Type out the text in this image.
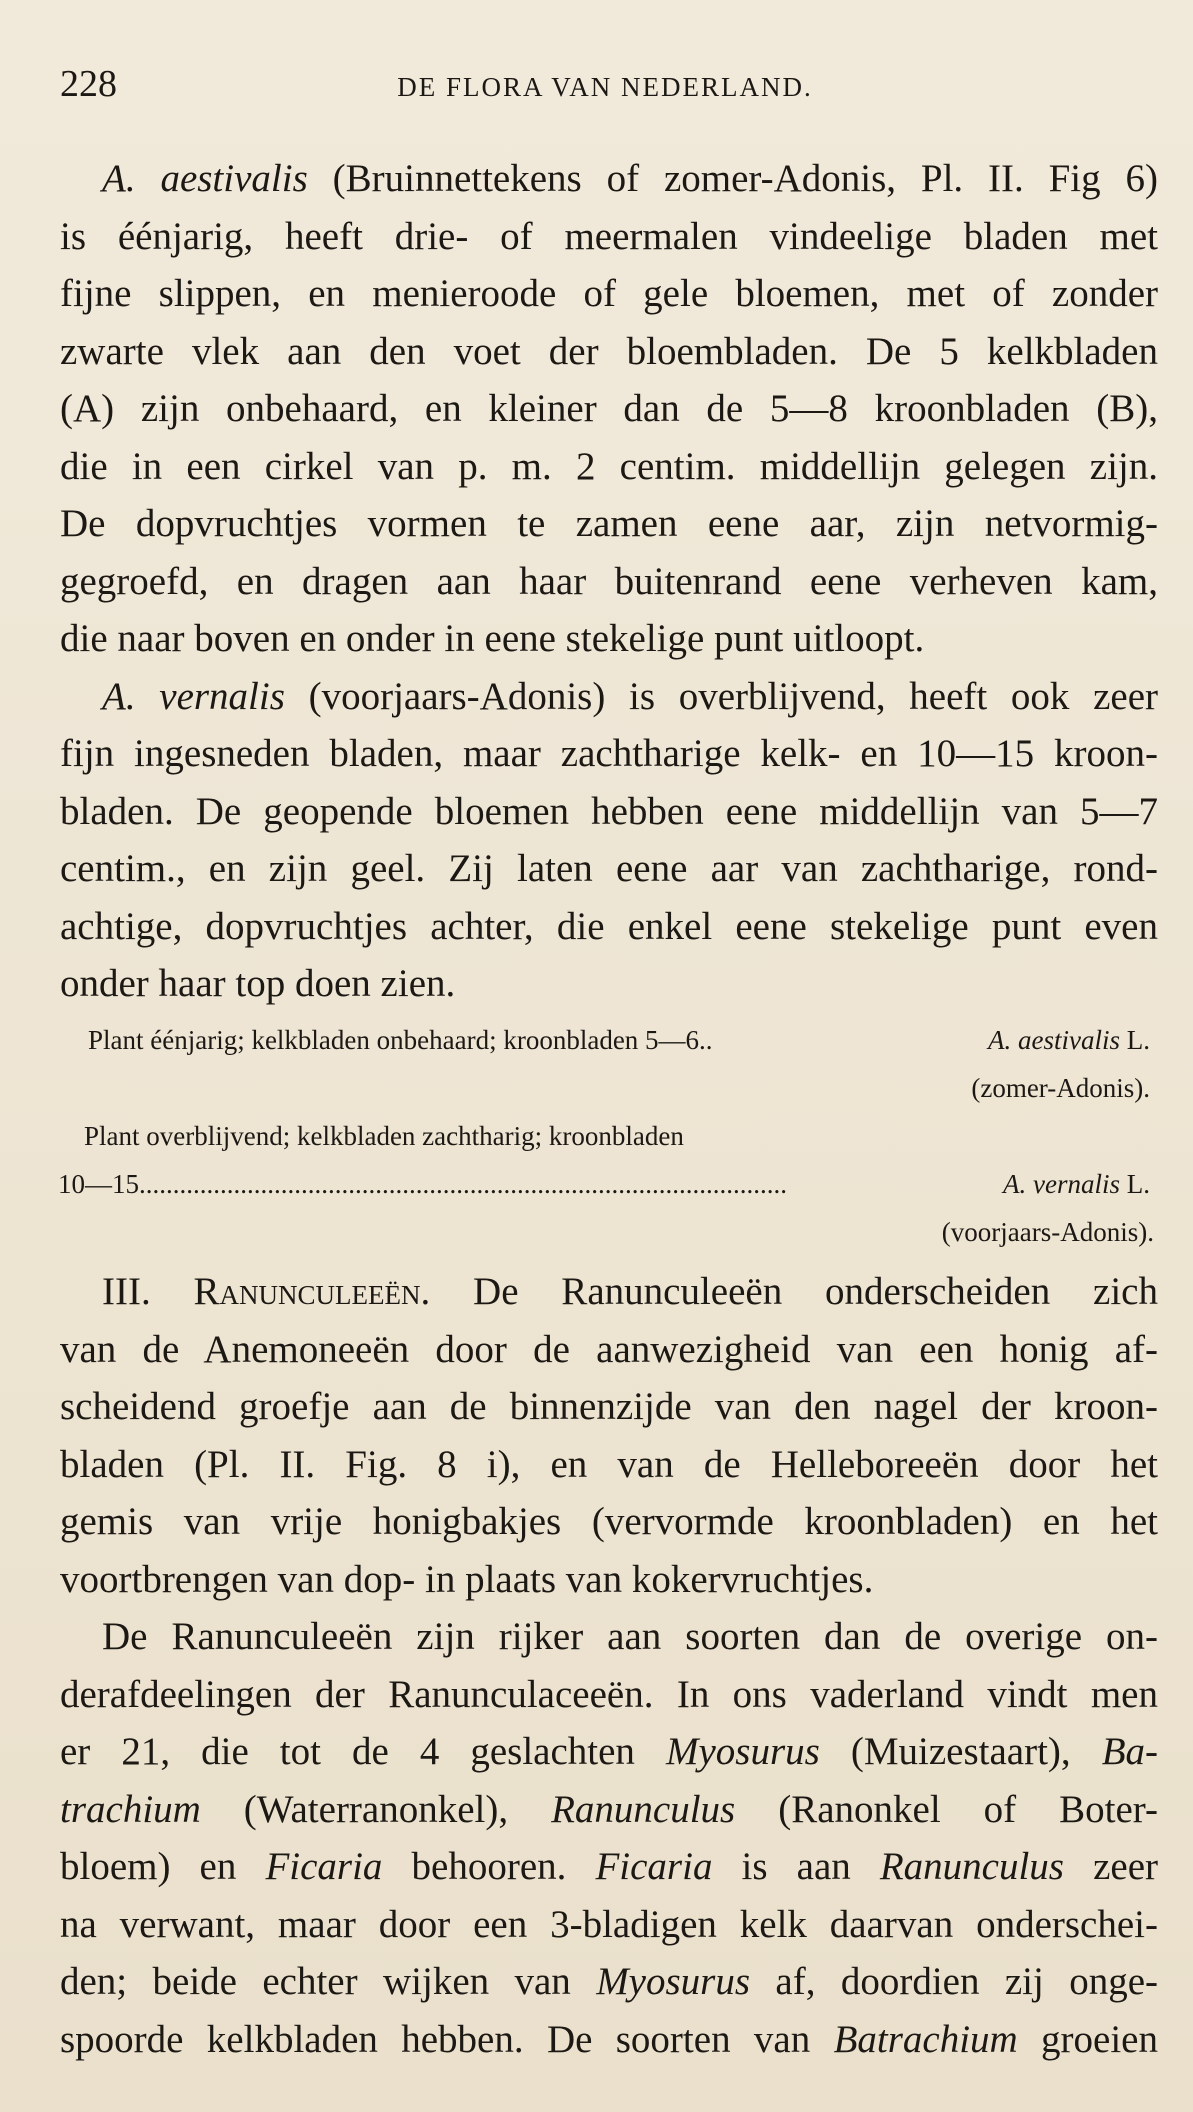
228	DE FLORA VAN NEDERLAND.
A. aestivalis (Bruinnettekens of zomer-Adonis, Pl. II. Fig 6)
is éénjarig, heeft drie- of meermalen vindeelige bladen met
fijne slippen, en menieroode of gele bloemen, met of zonder
zwarte vlek aan den voet der bloembladen. De 5 kelkbladen
(A) zijn onbehaard, en kleiner dan de 5—8 kroonbladen (B),
die in een cirkel van p. m. 2 centim. middellijn gelegen zijn.
De dopvruchtjes vormen te zamen eene aar, zijn netvormig-
gegroefd, en dragen aan haar buitenrand eene verheven kam,
die naar boven en onder in eene stekelige punt uitloopt.
A. vernalis (voorjaars-Adonis) is overblijvend, heeft ook zeer
fijn ingesneden bladen, maar zachtharige kelk- en 10—15 kroon-
bladen. De geopende bloemen hebben eene middellijn van 5—7
centim., en zijn geel. Zij laten eene aar van zachtharige, rond-
achtige, dopvruchtjes achter, die enkel eene stekelige punt even
onder haar top doen zien.
Plant éénjarig; kelkbladen onbehaard; kroonbladen 5—6..	A. aestivalis L.
(zomer-Adonis).
Plant overblijvend; kelkbladen zachtharig; kroonbladen
10—15................................................................................................	A. vernalis L.
(voorjaars-Adonis).
III. Ranunculeeën. De Ranunculeeën onderscheiden zich
van de Anemoneeën door de aanwezigheid van een honig af-
scheidend groefje aan de binnenzijde van den nagel der kroon-
bladen (Pl. II. Fig. 8 i), en van de Helleboreeën door het
gemis van vrije honigbakjes (vervormde kroonbladen) en het
voortbrengen van dop- in plaats van kokervruchtjes.
De Ranunculeeën zijn rijker aan soorten dan de overige on-
derafdeelingen der Ranunculaceeën. In ons vaderland vindt men
er 21, die tot de 4 geslachten Myosurus (Muizestaart), Ba-
trachium (Waterranonkel), Ranunculus (Ranonkel of Boter-
bloem) en Ficaria behooren. Ficaria is aan Ranunculus zeer
na verwant, maar door een 3-bladigen kelk daarvan onderschei-
den; beide echter wijken van Myosurus af, doordien zij onge-
spoorde kelkbladen hebben. De soorten van Batrachium groeien
